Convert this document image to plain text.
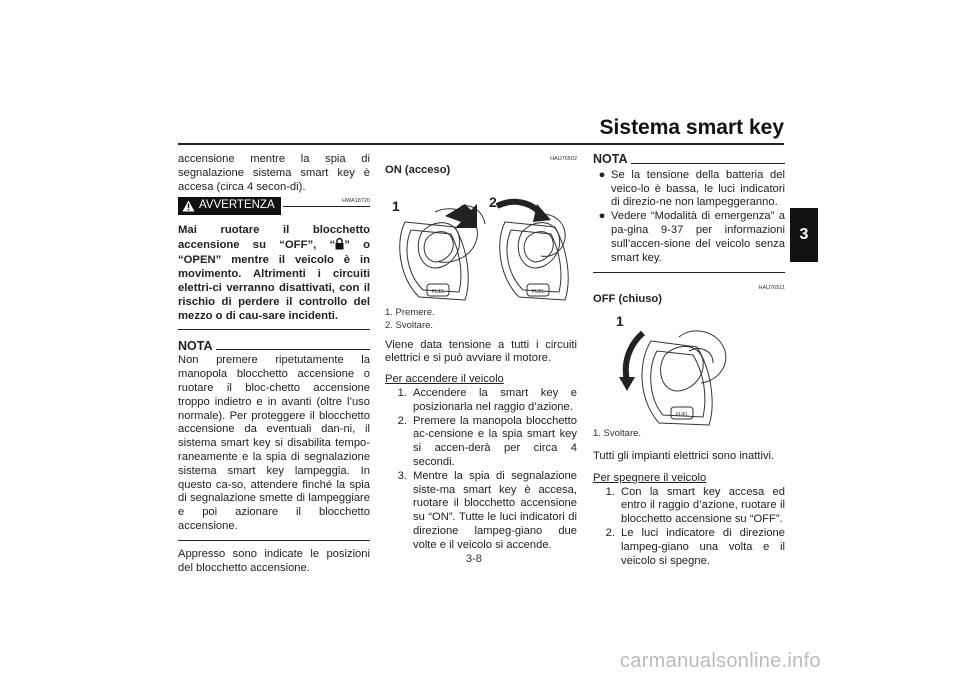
Sistema smart key
3

accensione mentre la spia di segnalazione sistema smart key è accesa (circa 4 secon-di).

HWA18720
AVVERTENZA

Mai ruotare il blocchetto accensione su “OFF”, “ ” o “OPEN” mentre il veicolo è in movimento. Altrimenti i circuiti elettri-ci verranno disattivati, con il rischio di perdere il controllo del mezzo o di cau-sare incidenti.

NOTA

Non premere ripetutamente la manopola blocchetto accensione o ruotare il bloc-chetto accensione troppo indietro e in avanti (oltre l’uso normale). Per proteggere il blocchetto accensione da eventuali dan-ni, il sistema smart key si disabilita tempo-raneamente e la spia di segnalazione sistema smart key lampeggia. In questo ca-so, attendere finché la spia di segnalazione smette di lampeggiare e poi azionare il blocchetto accensione.

Appresso sono indicate le posizioni del blocchetto accensione.

HAU76502
ON (acceso)
1	2
FUEL	FUEL
1. Premere.
2. Svoltare.

Viene data tensione a tutti i circuiti elettrici e si può avviare il motore.

Per accendere il veicolo

1. Accendere la smart key e posizionarla nel raggio d’azione.
2. Premere la manopola blocchetto ac-censione e la spia smart key si accen-derà per circa 4 secondi.
3. Mentre la spia di segnalazione siste-ma smart key è accesa, ruotare il blocchetto accensione su “ON”. Tutte le luci indicatori di direzione lampeg-giano due volte e il veicolo si accende.
NOTA
● Se la tensione della batteria del veico-lo è bassa, le luci indicatori di direzio-ne non lampeggeranno.
● Vedere “Modalità di emergenza” a pa-gina 9-37 per informazioni sull’accen-sione del veicolo senza smart key.
HAU76511
OFF (chiuso)
1
FUEL
1. Svoltare.

Tutti gli impianti elettrici sono inattivi.

Per spegnere il veicolo

1. Con la smart key accesa ed entro il raggio d’azione, ruotare il blocchetto accensione su “OFF”.
2. Le luci indicatore di direzione lampeg-giano una volta e il veicolo si spegne.
3-8
carmanualsonline.info
